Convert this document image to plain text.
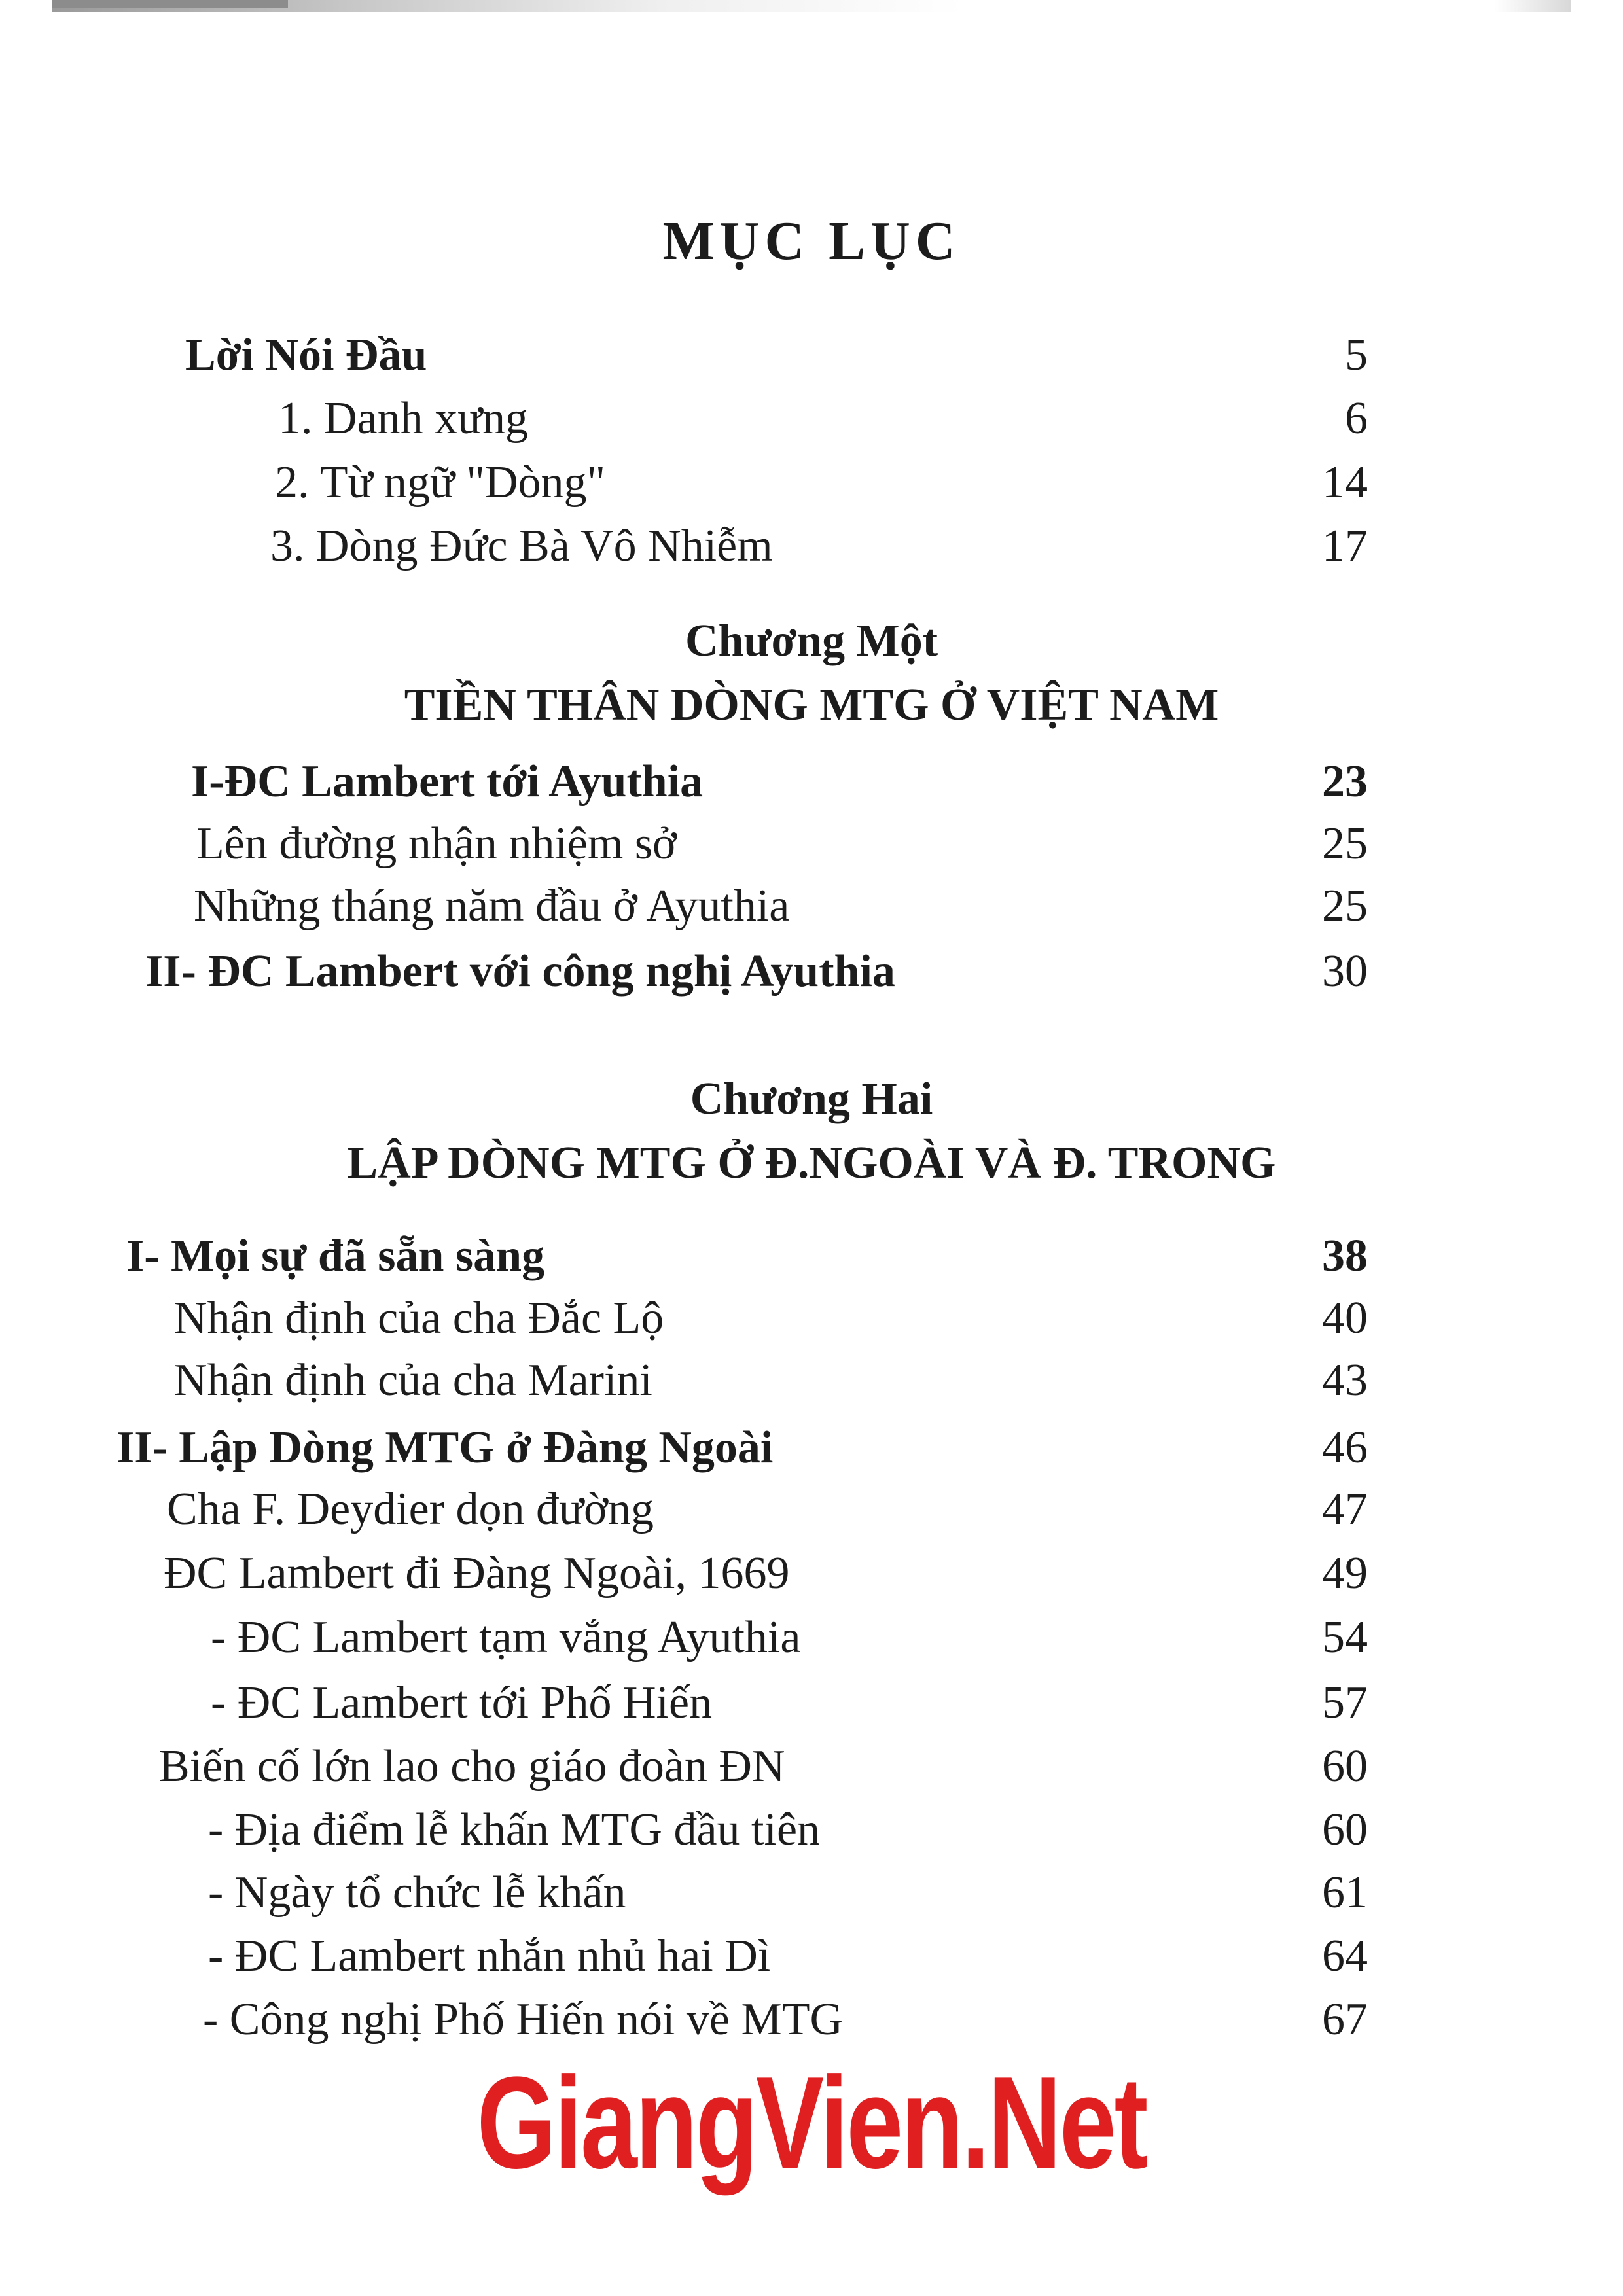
MỤC LỤC
Lời Nói Đầu	5
1. Danh xưng	6
2. Từ ngữ "Dòng"	14
3. Dòng Đức Bà Vô Nhiễm	17
Chương Một
TIỀN THÂN DÒNG MTG Ở VIỆT NAM
I-ĐC Lambert tới Ayuthia	23
Lên đường nhận nhiệm sở	25
Những tháng năm đầu ở Ayuthia	25
II- ĐC Lambert với công nghị Ayuthia	30
Chương Hai
LẬP DÒNG MTG Ở Đ.NGOÀI VÀ Đ. TRONG
I- Mọi sự đã sẵn sàng	38
Nhận định của cha Đắc Lộ	40
Nhận định của cha Marini	43
II- Lập Dòng MTG ở Đàng Ngoài	46
Cha F. Deydier dọn đường	47
ĐC Lambert đi Đàng Ngoài, 1669	49
- ĐC Lambert tạm vắng Ayuthia	54
- ĐC Lambert tới Phố Hiến	57
Biến cố lớn lao cho giáo đoàn ĐN	60
- Địa điểm lễ khấn MTG đầu tiên	60
- Ngày tổ chức lễ khấn	61
- ĐC Lambert nhắn nhủ hai Dì	64
- Công nghị Phố Hiến nói về MTG	67
GiangVien.Net
